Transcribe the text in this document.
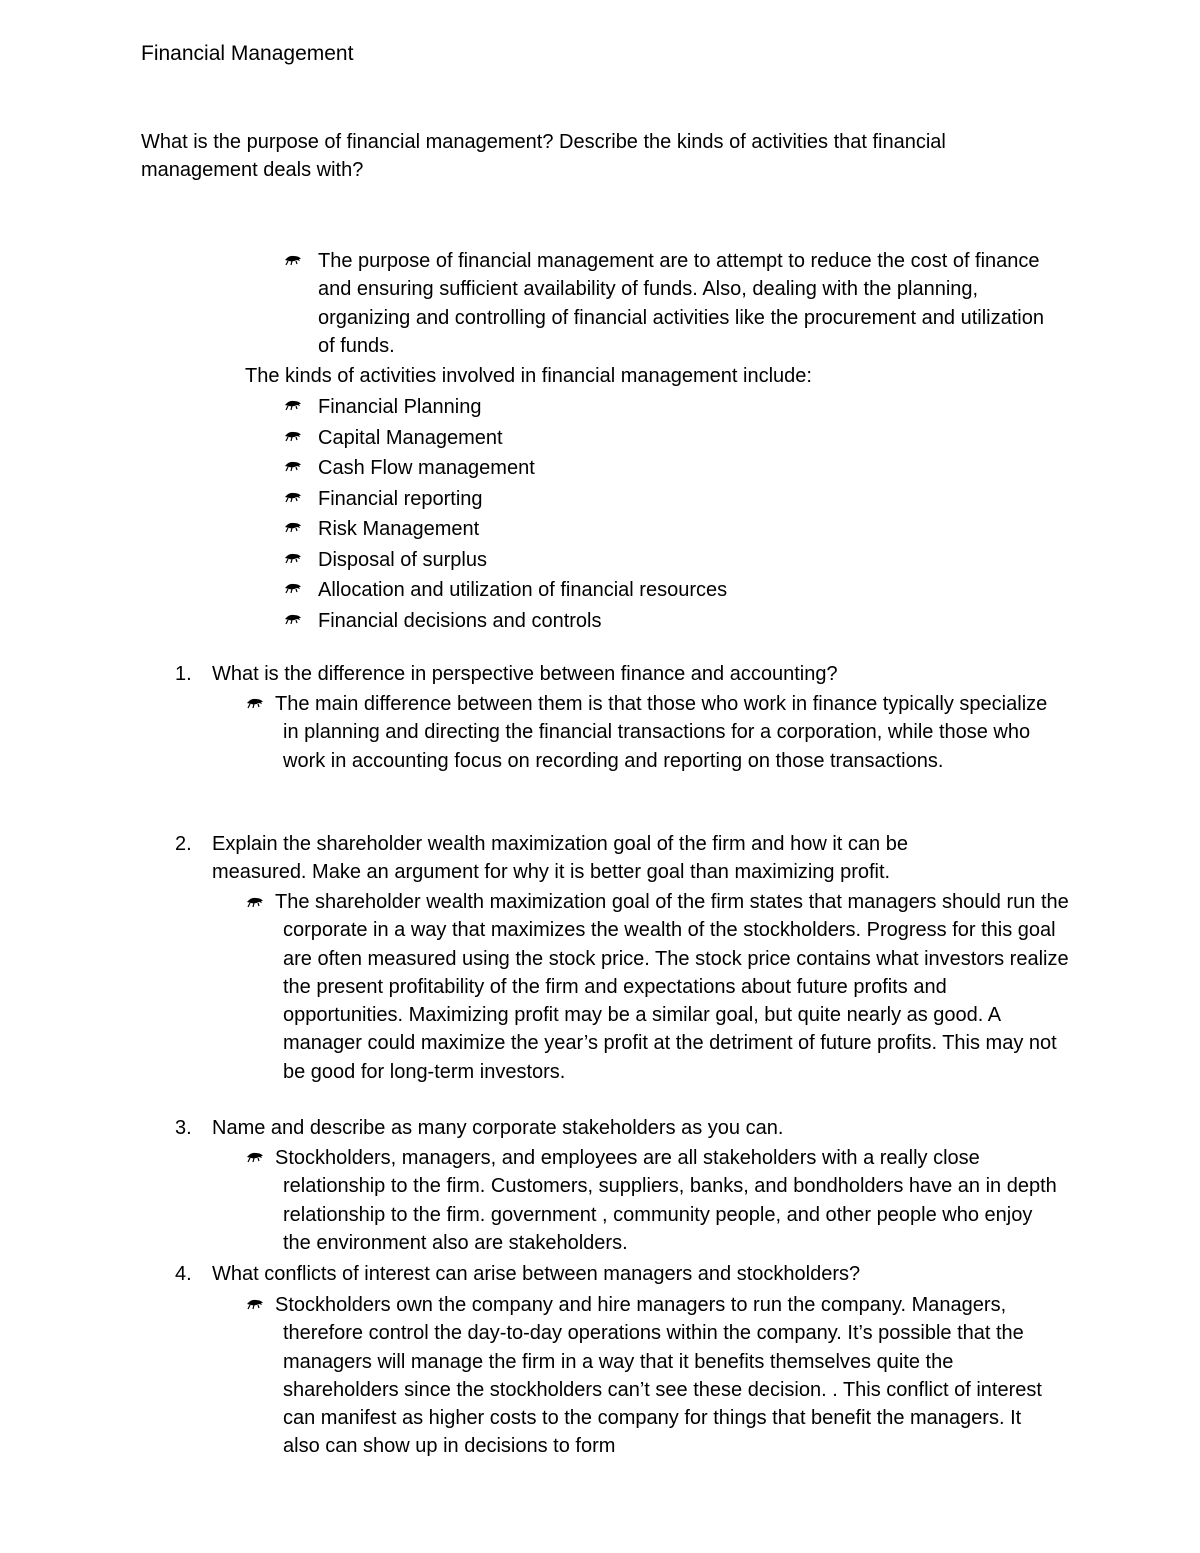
Financial Management
What is the purpose of financial management? Describe the kinds of activities that financial management deals with?
The purpose of financial management are to attempt to reduce the cost of finance and ensuring sufficient availability of funds. Also, dealing with the planning, organizing and controlling of financial activities like the procurement and utilization of funds.
The kinds of activities involved in financial management include:
Financial Planning
Capital Management
Cash Flow management
Financial reporting
Risk Management
Disposal of surplus
Allocation and utilization of financial resources
Financial decisions and controls
1. What is the difference in perspective between finance and accounting?
The main difference between them is that those who work in finance typically specialize in planning and directing the financial transactions for a corporation, while those who work in accounting focus on recording and reporting on those transactions.
2. Explain the shareholder wealth maximization goal of the firm and how it can be measured. Make an argument for why it is better goal than maximizing profit.
The shareholder wealth maximization goal of the firm states that managers should run the corporate in a way that maximizes the wealth of the stockholders. Progress for this goal are often measured using the stock price. The stock price contains what investors realize the present profitability of the firm and expectations about future profits and opportunities. Maximizing profit may be a similar goal, but quite nearly as good. A manager could maximize the year’s profit at the detriment of future profits. This may not be good for long-term investors.
3. Name and describe as many corporate stakeholders as you can.
Stockholders, managers, and employees are all stakeholders with a really close relationship to the firm. Customers, suppliers, banks, and bondholders have an in depth relationship to the firm. government , community people, and other people who enjoy the environment also are stakeholders.
4. What conflicts of interest can arise between managers and stockholders?
Stockholders own the company and hire managers to run the company. Managers, therefore control the day-to-day operations within the company. It’s possible that the managers will manage the firm in a way that it benefits themselves quite the shareholders since the stockholders can’t see these decision. . This conflict of interest can manifest as higher costs to the company for things that benefit the managers. It also can show up in decisions to form
